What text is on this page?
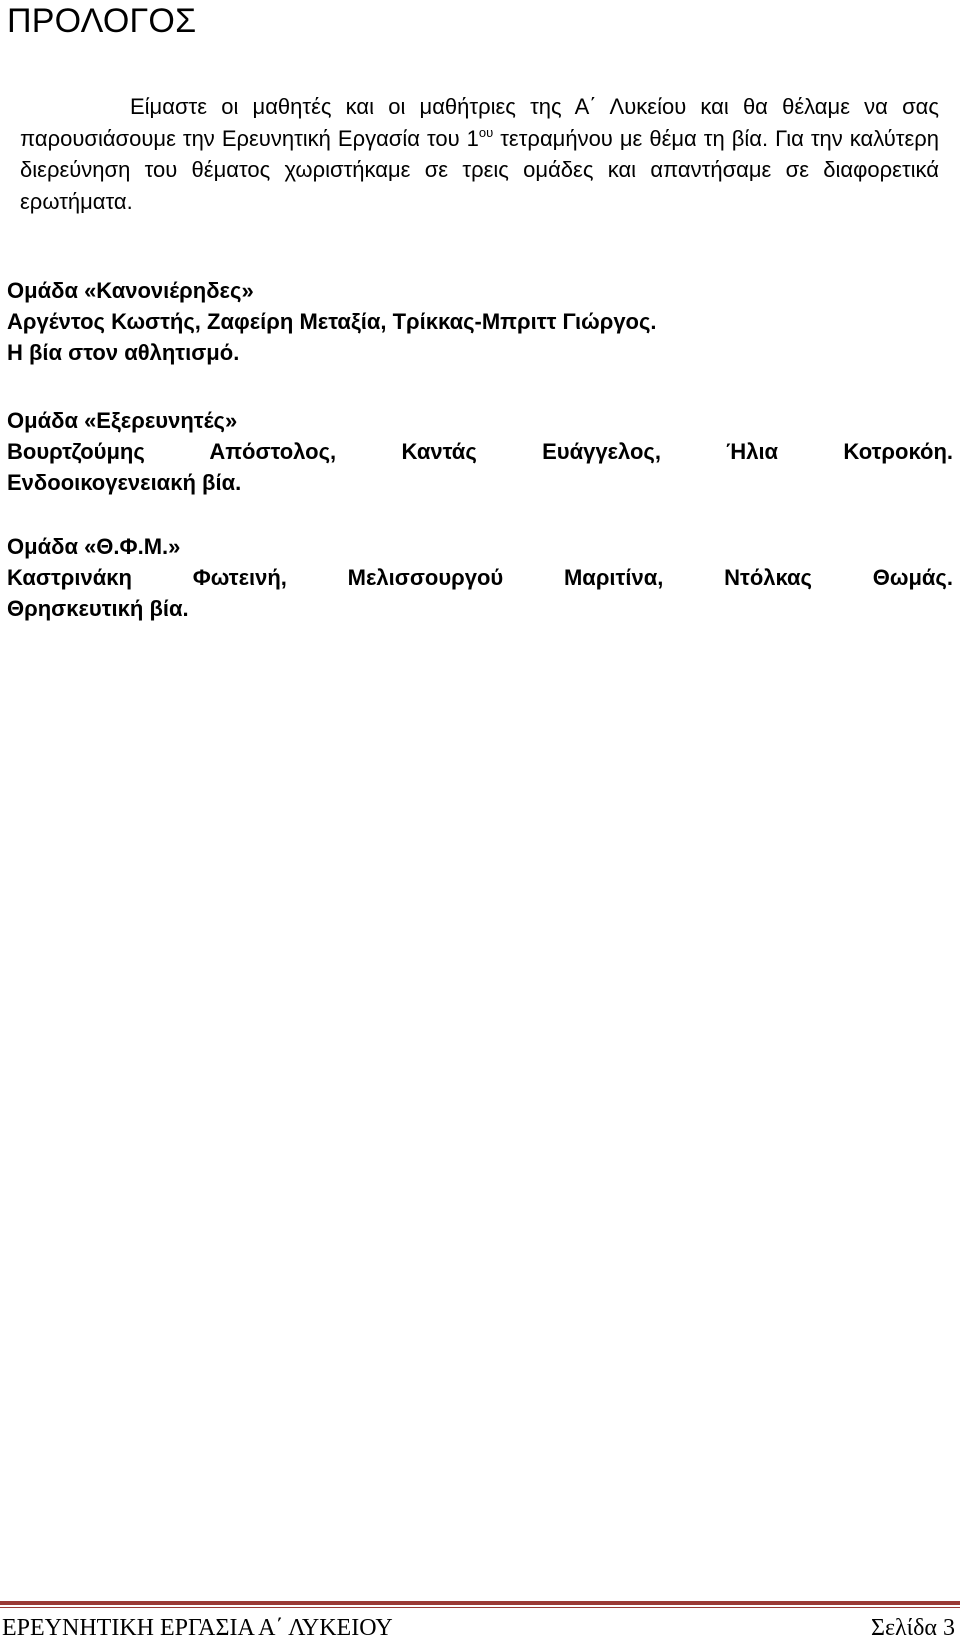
ΠΡΟΛΟΓΟΣ

Είμαστε οι μαθητές και οι μαθήτριες της Α΄ Λυκείου και θα θέλαμε να σας παρουσιάσουμε την Ερευνητική Εργασία του $1^{o\upsilon}$ τετραμήνου με θέμα τη βία. Για την καλύτερη διερεύνηση του θέματος χωριστήκαμε σε τρεις ομάδες και απαντήσαμε σε διαφορετικά ερωτήματα.

Ομάδα «Κανονιέρηδες»
Αργέντος Κωστής, Ζαφείρη Μεταξία, Τρίκκας-Μπριττ Γιώργος.
Η βία στον αθλητισμό.
Ομάδα «Εξερευνητές»
Βουρτζούμης Απόστολος, Καντάς Ευάγγελος, Ήλια Κοτροκόη.
Ενδοοικογενειακή βία.
Ομάδα «Θ.Φ.Μ.»
Καστρινάκη Φωτεινή, Μελισσουργού Μαριτίνα, Ντόλκας Θωμάς.
Θρησκευτική βία.
ΕΡΕΥΝΗΤΙΚΗ ΕΡΓΑΣΙΑ Α΄ ΛΥΚΕΙΟΥ	Σελίδα 3
